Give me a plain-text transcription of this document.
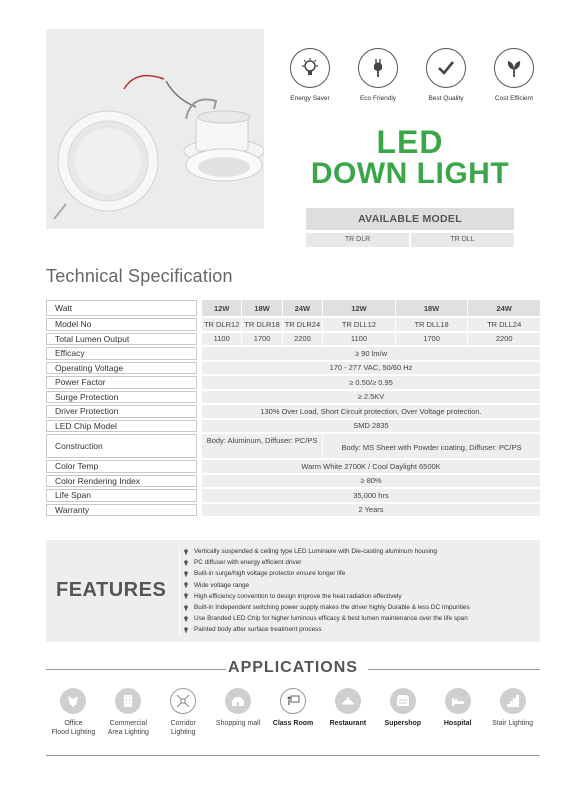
Energy Saver	Eco Friendly	Best Quality	Cost Efficient
LED
DOWN LIGHT
AVAILABLE MODEL
TR DLR	TR DLL
Technical Specification
Watt		12W	18W	24W	12W	18W	24W
Model No		TR DLR12	TR DLR18	TR DLR24	TR DLL12	TR DLL18	TR DLL24
Total Lumen Output		1100	1700	2200	1100	1700	2200
Efficacy		≥ 90 lm/w					
Operating Voltage		170 - 277 VAC, 50/60 Hz					
Power Factor		≥ 0.50/≥ 0.95					
Surge Protection		≥ 2.5KV					
Driver Protection		130% Over Load, Short Circuit protection, Over Voltage protection.					
LED Chip Model		SMD 2835					
Construction		Body: Aluminum, Diffuser: PC/PS			Body: MS Sheet with Powder coating, Diffuser: PC/PS		
Color Temp		Warm White 2700K / Cool Daylight 6500K					
Color Rendering Index		≥ 80%					
Life Span		35,000 hrs					
Warranty		2 Years					
FEATURES
Vertically suspended & ceiling type LED Luminaire with Die-casting aluminum housing
PC diffuser with energy efficient driver
Built-in surge/high voltage protector ensure longer life
Wide voltage range
High efficiency convention to design improve the heat radiation effectively
Built-in Independent switching power supply makes the driver highly Durable & less DC Impurities
Use Branded LED Chip for higher luminous efficacy & best lumen maintenance over the life span
Painted body after surface treatment process
APPLICATIONS
Office
Flood Lighting
Commercial
Area Lighting
Corridor
Lighting
Shopping mall Class Room Restaurant	Supershop	Hospital	Stair Lighting
